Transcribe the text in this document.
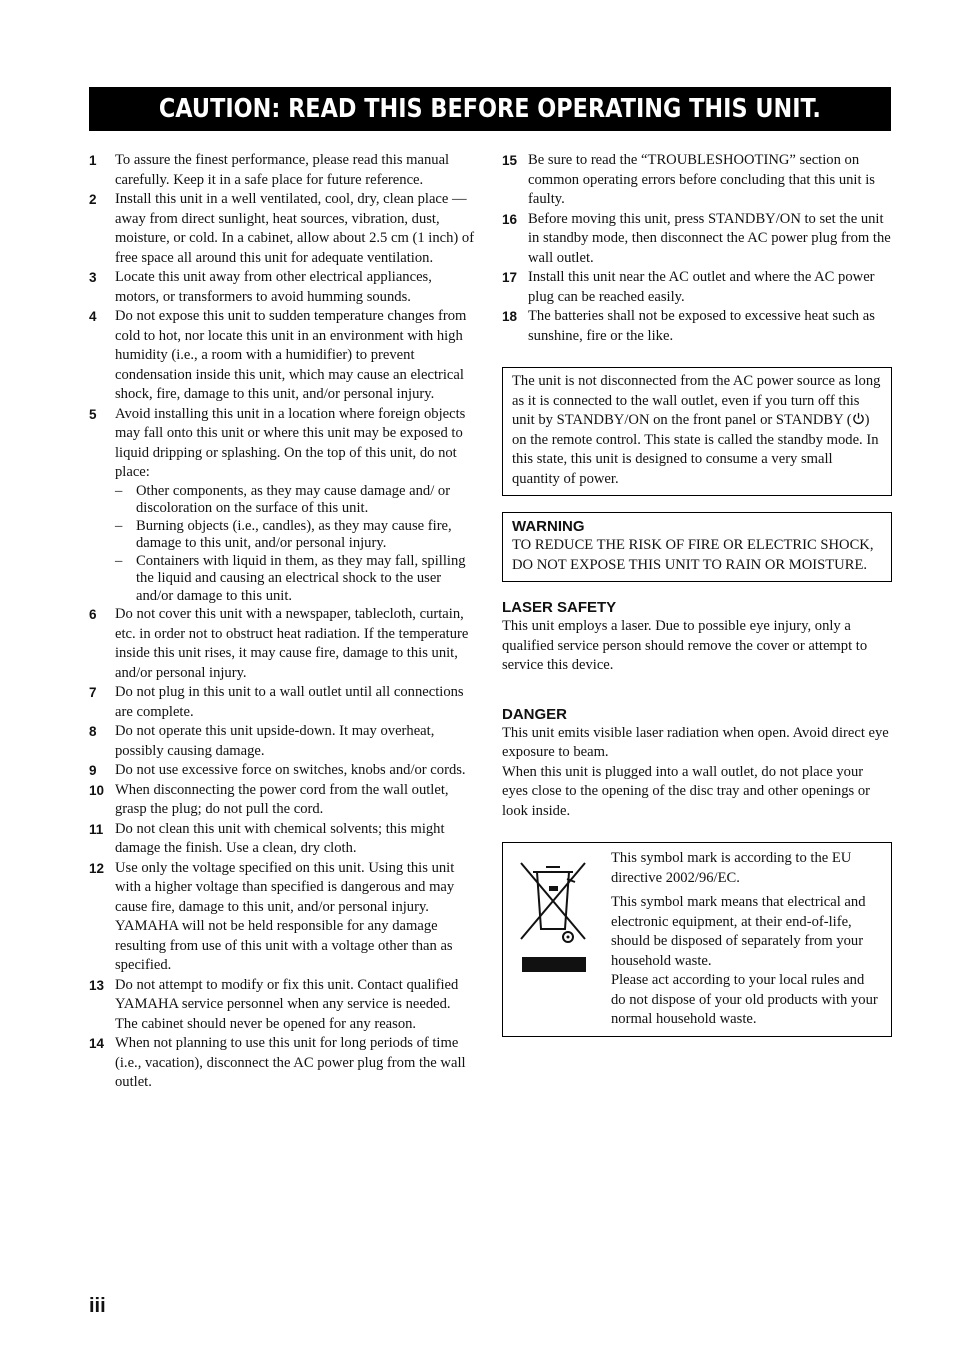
CAUTION: READ THIS BEFORE OPERATING THIS UNIT.
1 To assure the finest performance, please read this manual carefully. Keep it in a safe place for future reference.
2 Install this unit in a well ventilated, cool, dry, clean place — away from direct sunlight, heat sources, vibration, dust, moisture, or cold. In a cabinet, allow about 2.5 cm (1 inch) of free space all around this unit for adequate ventilation.
3 Locate this unit away from other electrical appliances, motors, or transformers to avoid humming sounds.
4 Do not expose this unit to sudden temperature changes from cold to hot, nor locate this unit in an environment with high humidity (i.e., a room with a humidifier) to prevent condensation inside this unit, which may cause an electrical shock, fire, damage to this unit, and/or personal injury.
5 Avoid installing this unit in a location where foreign objects may fall onto this unit or where this unit may be exposed to liquid dripping or splashing. On the top of this unit, do not place:
– Other components, as they may cause damage and/ or discoloration on the surface of this unit.
– Burning objects (i.e., candles), as they may cause fire, damage to this unit, and/or personal injury.
– Containers with liquid in them, as they may fall, spilling the liquid and causing an electrical shock to the user and/or damage to this unit.
6 Do not cover this unit with a newspaper, tablecloth, curtain, etc. in order not to obstruct heat radiation. If the temperature inside this unit rises, it may cause fire, damage to this unit, and/or personal injury.
7 Do not plug in this unit to a wall outlet until all connections are complete.
8 Do not operate this unit upside-down. It may overheat, possibly causing damage.
9 Do not use excessive force on switches, knobs and/or cords.
10 When disconnecting the power cord from the wall outlet, grasp the plug; do not pull the cord.
11 Do not clean this unit with chemical solvents; this might damage the finish. Use a clean, dry cloth.
12 Use only the voltage specified on this unit. Using this unit with a higher voltage than specified is dangerous and may cause fire, damage to this unit, and/or personal injury. YAMAHA will not be held responsible for any damage resulting from use of this unit with a voltage other than as specified.
13 Do not attempt to modify or fix this unit. Contact qualified YAMAHA service personnel when any service is needed. The cabinet should never be opened for any reason.
14 When not planning to use this unit for long periods of time (i.e., vacation), disconnect the AC power plug from the wall outlet.
15 Be sure to read the “TROUBLESHOOTING” section on common operating errors before concluding that this unit is faulty.
16 Before moving this unit, press STANDBY/ON to set the unit in standby mode, then disconnect the AC power plug from the wall outlet.
17 Install this unit near the AC outlet and where the AC power plug can be reached easily.
18 The batteries shall not be exposed to excessive heat such as sunshine, fire or the like.
The unit is not disconnected from the AC power source as long as it is connected to the wall outlet, even if you turn off this unit by STANDBY/ON on the front panel or STANDBY ( ) on the remote control. This state is called the standby mode. In this state, this unit is designed to consume a very small quantity of power.
WARNING
TO REDUCE THE RISK OF FIRE OR ELECTRIC SHOCK, DO NOT EXPOSE THIS UNIT TO RAIN OR MOISTURE.
LASER SAFETY
This unit employs a laser. Due to possible eye injury, only a qualified service person should remove the cover or attempt to service this device.
DANGER
This unit emits visible laser radiation when open. Avoid direct eye exposure to beam.
When this unit is plugged into a wall outlet, do not place your eyes close to the opening of the disc tray and other openings or look inside.

This symbol mark is according to the EU directive 2002/96/EC.

This symbol mark means that electrical and electronic equipment, at their end-of-life, should be disposed of separately from your household waste.

Please act according to your local rules and do not dispose of your old products with your normal household waste.

iii
